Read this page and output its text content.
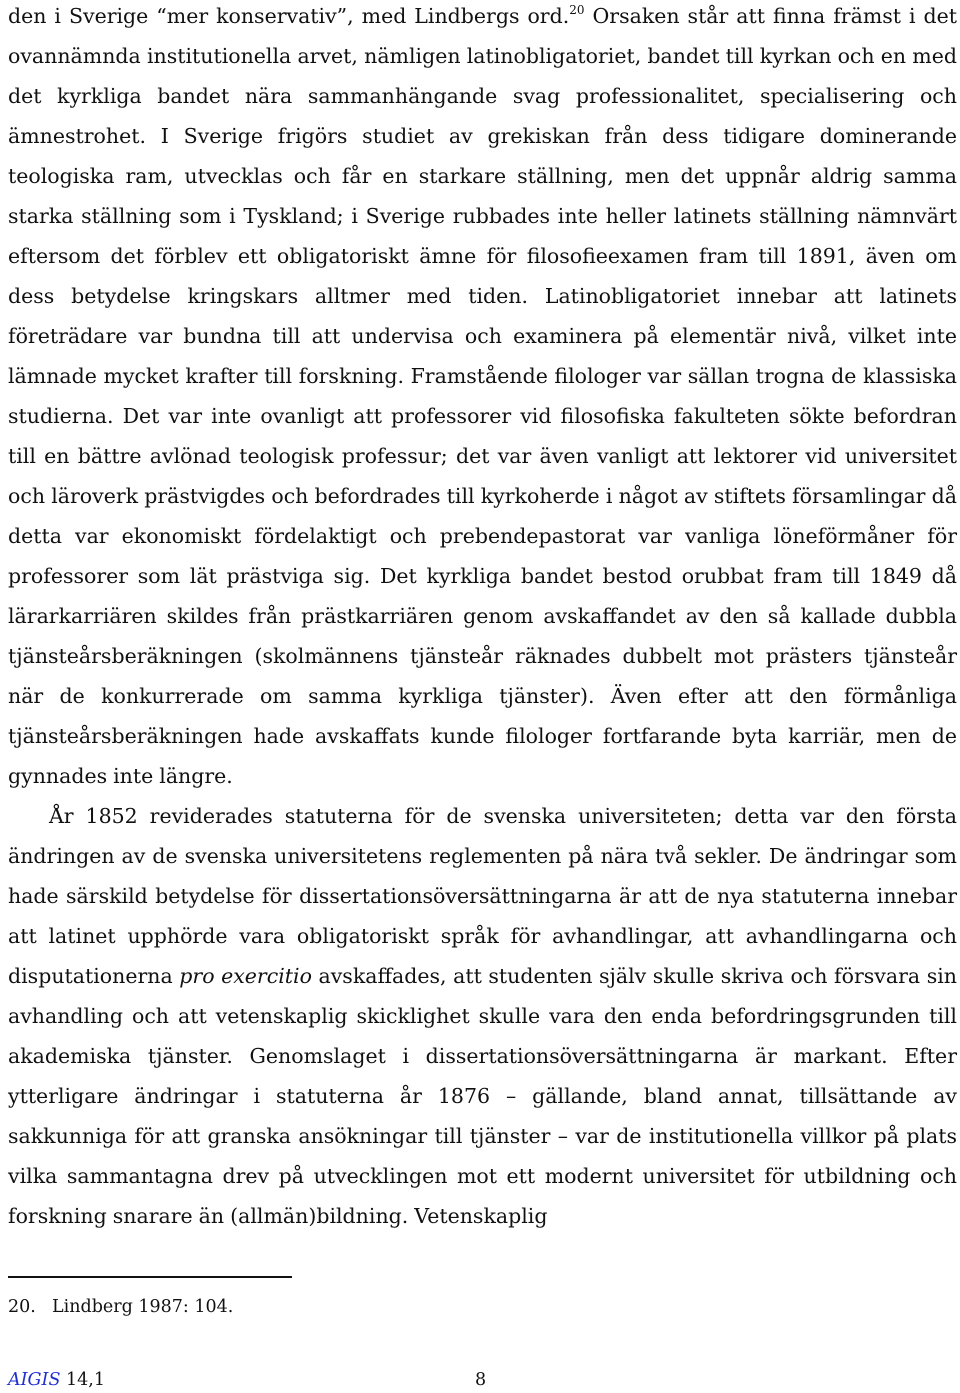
den i Sverige “mer konservativ”, med Lindbergs ord.$^{20}$ Orsaken står att finna främst i det ovannämnda institutionella arvet, nämligen latinobligatoriet, bandet till kyrkan och en med det kyrkliga bandet nära sammanhängande svag professionalitet, specialisering och ämnestrohet. I Sverige frigörs studiet av grekiskan från dess tidigare dominerande teologiska ram, utvecklas och får en starkare ställning, men det uppnår aldrig samma starka ställning som i Tyskland; i Sverige rubbades inte heller latinets ställning nämnvärt eftersom det förblev ett obligatoriskt ämne för filosofieexamen fram till 1891, även om dess betydelse kringskars alltmer med tiden. Latinobligatoriet innebar att latinets företrädare var bundna till att undervisa och examinera på elementär nivå, vilket inte lämnade mycket krafter till forskning. Framstående filologer var sällan trogna de klassiska studierna. Det var inte ovanligt att professorer vid filosofiska fakulteten sökte befordran till en bättre avlönad teologisk professur; det var även vanligt att lektorer vid universitet och läroverk prästvigdes och befordrades till kyrkoherde i något av stiftets församlingar då detta var ekonomiskt fördelaktigt och prebendepastorat var vanliga löneförmåner för professorer som lät prästviga sig. Det kyrkliga bandet bestod orubbat fram till 1849 då lärarkarriären skildes från prästkarriären genom avskaffandet av den så kallade dubbla tjänsteårsberäkningen (skolmännens tjänsteår räknades dubbelt mot prästers tjänsteår när de konkurrerade om samma kyrkliga tjänster). Även efter att den förmånliga tjänsteårsberäkningen hade avskaffats kunde filologer fortfarande byta karriär, men de gynnades inte längre.

År 1852 reviderades statuterna för de svenska universiteten; detta var den första ändringen av de svenska universitetens reglementen på nära två sekler. De ändringar som hade särskild betydelse för dissertationsöversättningarna är att de nya statuterna innebar att latinet upphörde vara obligatoriskt språk för avhandlingar, att avhandlingarna och disputationerna pro exercitio avskaffades, att studenten själv skulle skriva och försvara sin avhandling och att vetenskaplig skicklighet skulle vara den enda befordringsgrunden till akademiska tjänster. Genomslaget i dissertationsöversättningarna är markant. Efter ytterligare ändringar i statuterna år 1876 – gällande, bland annat, tillsättande av sakkunniga för att granska ansökningar till tjänster – var de institutionella villkor på plats vilka sammantagna drev på utvecklingen mot ett modernt universitet för utbildning och forskning snarare än (allmän)bildning. Vetenskaplig

20. Lindberg 1987: 104.
AIGIS 14,1	8
